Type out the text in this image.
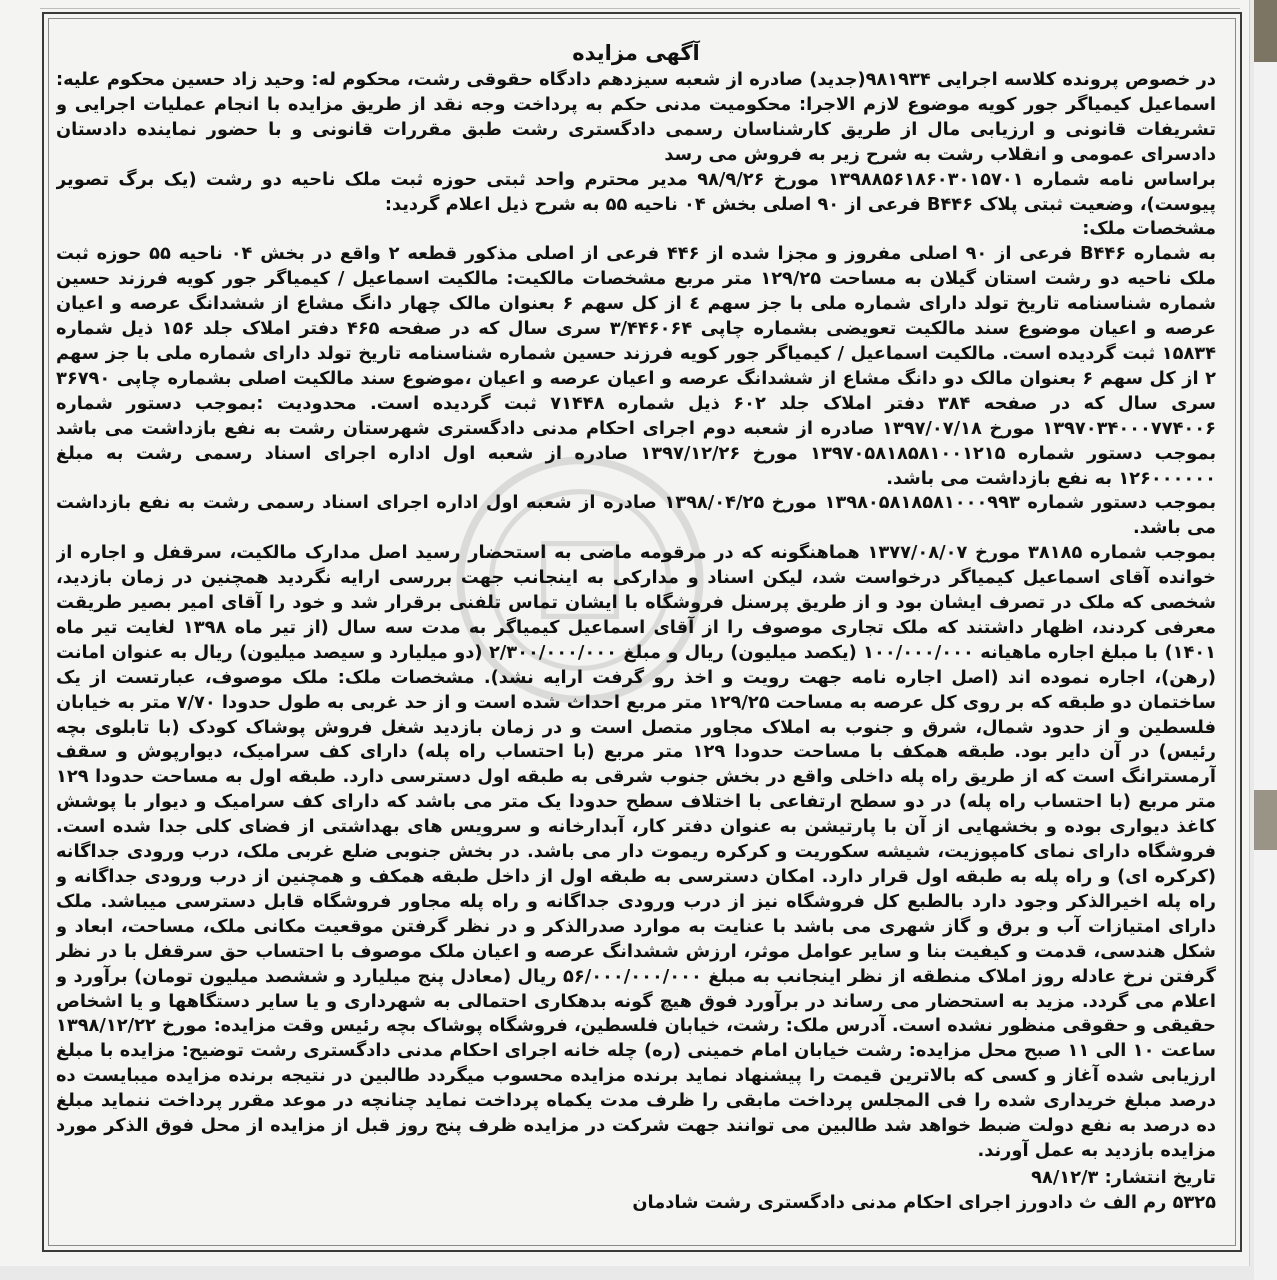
آگهی مزایده

در خصوص پرونده کلاسه اجرایی ۹۸۱۹۳۴(جدید) صادره از شعبه سیزدهم دادگاه حقوقی رشت، محکوم له: وحید زاد حسین محکوم علیه: اسماعیل کیمیاگر جور کویه موضوع لازم الاجرا: محکومیت مدنی حکم به پرداخت وجه نقد از طریق مزایده با انجام عملیات اجرایی و تشریفات قانونی و ارزیابی مال از طریق کارشناسان رسمی دادگستری رشت طبق مقررات قانونی و با حضور نماینده دادستان دادسرای عمومی و انقلاب رشت به شرح زیر به فروش می رسد

براساس نامه شماره ۱۳۹۸۸۵۶۱۸۶۰۳۰۱۵۷۰۱ مورخ ۹۸/۹/۲۶ مدیر محترم واحد ثبتی حوزه ثبت ملک ناحیه دو رشت (یک برگ تصویر پیوست)، وضعیت ثبتی پلاک B۴۴۶ فرعی از ۹۰ اصلی بخش ۰۴ ناحیه ۵۵ به شرح ذیل اعلام گردید:

مشخصات ملک:

به شماره B۴۴۶ فرعی از ۹۰ اصلی مفروز و مجزا شده از ۴۴۶ فرعی از اصلی مذکور قطعه ۲ واقع در بخش ۰۴ ناحیه ۵۵ حوزه ثبت ملک ناحیه دو رشت استان گیلان به مساحت ۱۲۹/۲۵ متر مربع مشخصات مالکیت: مالکیت اسماعیل / کیمیاگر جور کویه فرزند حسین شماره شناسنامه تاریخ تولد دارای شماره ملی با جز سهم ٤ از کل سهم ۶ بعنوان مالک چهار دانگ مشاع از ششدانگ عرصه و اعیان عرصه و اعیان موضوع سند مالکیت تعویضی بشماره چاپی ۳/۴۴۶۰۶۴ سری سال که در صفحه ۴۶۵ دفتر املاک جلد ۱۵۶ ذیل شماره ۱۵۸۳۴ ثبت گردیده است. مالکیت اسماعیل / کیمیاگر جور کویه فرزند حسین شماره شناسنامه تاریخ تولد دارای شماره ملی با جز سهم ۲ از کل سهم ۶ بعنوان مالک دو دانگ مشاع از ششدانگ عرصه و اعیان عرصه و اعیان ،موضوع سند مالکیت اصلی بشماره چاپی ۳۶۷۹۰ سری سال که در صفحه ۳۸۴ دفتر املاک جلد ۶۰۲ ذیل شماره ۷۱۴۴۸ ثبت گردیده است. محدودیت :بموجب دستور شماره ۱۳۹۷۰۳۴۰۰۰۷۷۴۰۰۶ مورخ ۱۳۹۷/۰۷/۱۸ صادره از شعبه دوم اجرای احکام مدنی دادگستری شهرستان رشت به نفع بازداشت می باشد بموجب دستور شماره ۱۳۹۷۰۵۸۱۸۵۸۱۰۰۱۲۱۵ مورخ ۱۳۹۷/۱۲/۲۶ صادره از شعبه اول اداره اجرای اسناد رسمی رشت به مبلغ ۱۲۶۰۰۰۰۰۰ به نفع بازداشت می باشد.

بموجب دستور شماره ۱۳۹۸۰۵۸۱۸۵۸۱۰۰۰۹۹۳ مورخ ۱۳۹۸/۰۴/۲۵ صادره از شعبه اول اداره اجرای اسناد رسمی رشت به نفع بازداشت می باشد.

بموجب شماره ۳۸۱۸۵ مورخ ۱۳۷۷/۰۸/۰۷ هماهنگونه که در مرقومه ماضی به استحضار رسید اصل مدارک مالکیت، سرقفل و اجاره از خوانده آقای اسماعیل کیمیاگر درخواست شد، لیکن اسناد و مدارکی به اینجانب جهت بررسی ارایه نگردید همچنین در زمان بازدید، شخصی که ملک در تصرف ایشان بود و از طریق پرسنل فروشگاه با ایشان تماس تلفنی برقرار شد و خود را آقای امیر بصیر طریقت معرفی کردند، اظهار داشتند که ملک تجاری موصوف را از آقای اسماعیل کیمیاگر به مدت سه سال (از تیر ماه ۱۳۹۸ لغایت تیر ماه ۱۴۰۱) با مبلغ اجاره ماهیانه ۱۰۰/۰۰۰/۰۰۰ (یکصد میلیون) ریال و مبلغ ۲/۳۰۰/۰۰۰/۰۰۰ (دو میلیارد و سیصد میلیون) ریال به عنوان امانت (رهن)، اجاره نموده اند (اصل اجاره نامه جهت رویت و اخذ رو گرفت ارایه نشد). مشخصات ملک: ملک موصوف، عبارتست از یک ساختمان دو طبقه که بر روی کل عرصه به مساحت ۱۲۹/۲۵ متر مربع احداث شده است و از حد غربی به طول حدودا ۷/۷۰ متر به خیابان فلسطین و از حدود شمال، شرق و جنوب به املاک مجاور متصل است و در زمان بازدید شغل فروش پوشاک کودک (با تابلوی بچه رئیس) در آن دایر بود. طبقه همکف با مساحت حدودا ۱۲۹ متر مربع (با احتساب راه پله) دارای کف سرامیک، دیوارپوش و سقف آرمسترانگ است که از طریق راه پله داخلی واقع در بخش جنوب شرقی به طبقه اول دسترسی دارد. طبقه اول به مساحت حدودا ۱۲۹ متر مربع (با احتساب راه پله) در دو سطح ارتفاعی با اختلاف سطح حدودا یک متر می باشد که دارای کف سرامیک و دیوار با پوشش کاغذ دیواری بوده و بخشهایی از آن با پارتیشن به عنوان دفتر کار، آبدارخانه و سرویس های بهداشتی از فضای کلی جدا شده است. فروشگاه دارای نمای کامپوزیت، شیشه سکوریت و کرکره ریموت دار می باشد. در بخش جنوبی ضلع غربی ملک، درب ورودی جداگانه (کرکره ای) و راه پله به طبقه اول قرار دارد. امکان دسترسی به طبقه اول از داخل طبقه همکف و همچنین از درب ورودی جداگانه و راه پله اخیرالذکر وجود دارد بالطبع کل فروشگاه نیز از درب ورودی جداگانه و راه پله مجاور فروشگاه قابل دسترسی میباشد. ملک دارای امتیازات آب و برق و گاز شهری می باشد با عنایت به موارد صدرالذکر و در نظر گرفتن موقعیت مکانی ملک، مساحت، ابعاد و شکل هندسی، قدمت و کیفیت بنا و سایر عوامل موثر، ارزش ششدانگ عرصه و اعیان ملک موصوف با احتساب حق سرقفل با در نظر گرفتن نرخ عادله روز املاک منطقه از نظر اینجانب به مبلغ ۵۶/۰۰۰/۰۰۰/۰۰۰ ریال (معادل پنج میلیارد و ششصد میلیون تومان) برآورد و اعلام می گردد. مزید به استحضار می رساند در برآورد فوق هیچ گونه بدهکاری احتمالی به شهرداری و یا سایر دستگاهها و یا اشخاص حقیقی و حقوقی منظور نشده است. آدرس ملک: رشت، خیابان فلسطین، فروشگاه پوشاک بچه رئیس وقت مزایده: مورخ ۱۳۹۸/۱۲/۲۲ ساعت ۱۰ الی ۱۱ صبح محل مزایده: رشت خیابان امام خمینی (ره) چله خانه اجرای احکام مدنی دادگستری رشت توضیح: مزایده با مبلغ ارزیابی شده آغاز و کسی که بالاترین قیمت را پیشنهاد نماید برنده مزایده محسوب میگردد طالبین در نتیجه برنده مزایده میبایست ده درصد مبلغ خریداری شده را فی المجلس پرداخت مابقی را ظرف مدت یکماه پرداخت نماید چنانچه در موعد مقرر پرداخت ننماید مبلغ ده درصد به نفع دولت ضبط خواهد شد طالبین می توانند جهت شرکت در مزایده ظرف پنج روز قبل از مزایده از محل فوق الذکر مورد مزایده بازدید به عمل آورند.

تاریخ انتشار: ۹۸/۱۲/۳

۵۳۲۵ رم الف ث دادورز اجرای احکام مدنی دادگستری رشت شادمان
